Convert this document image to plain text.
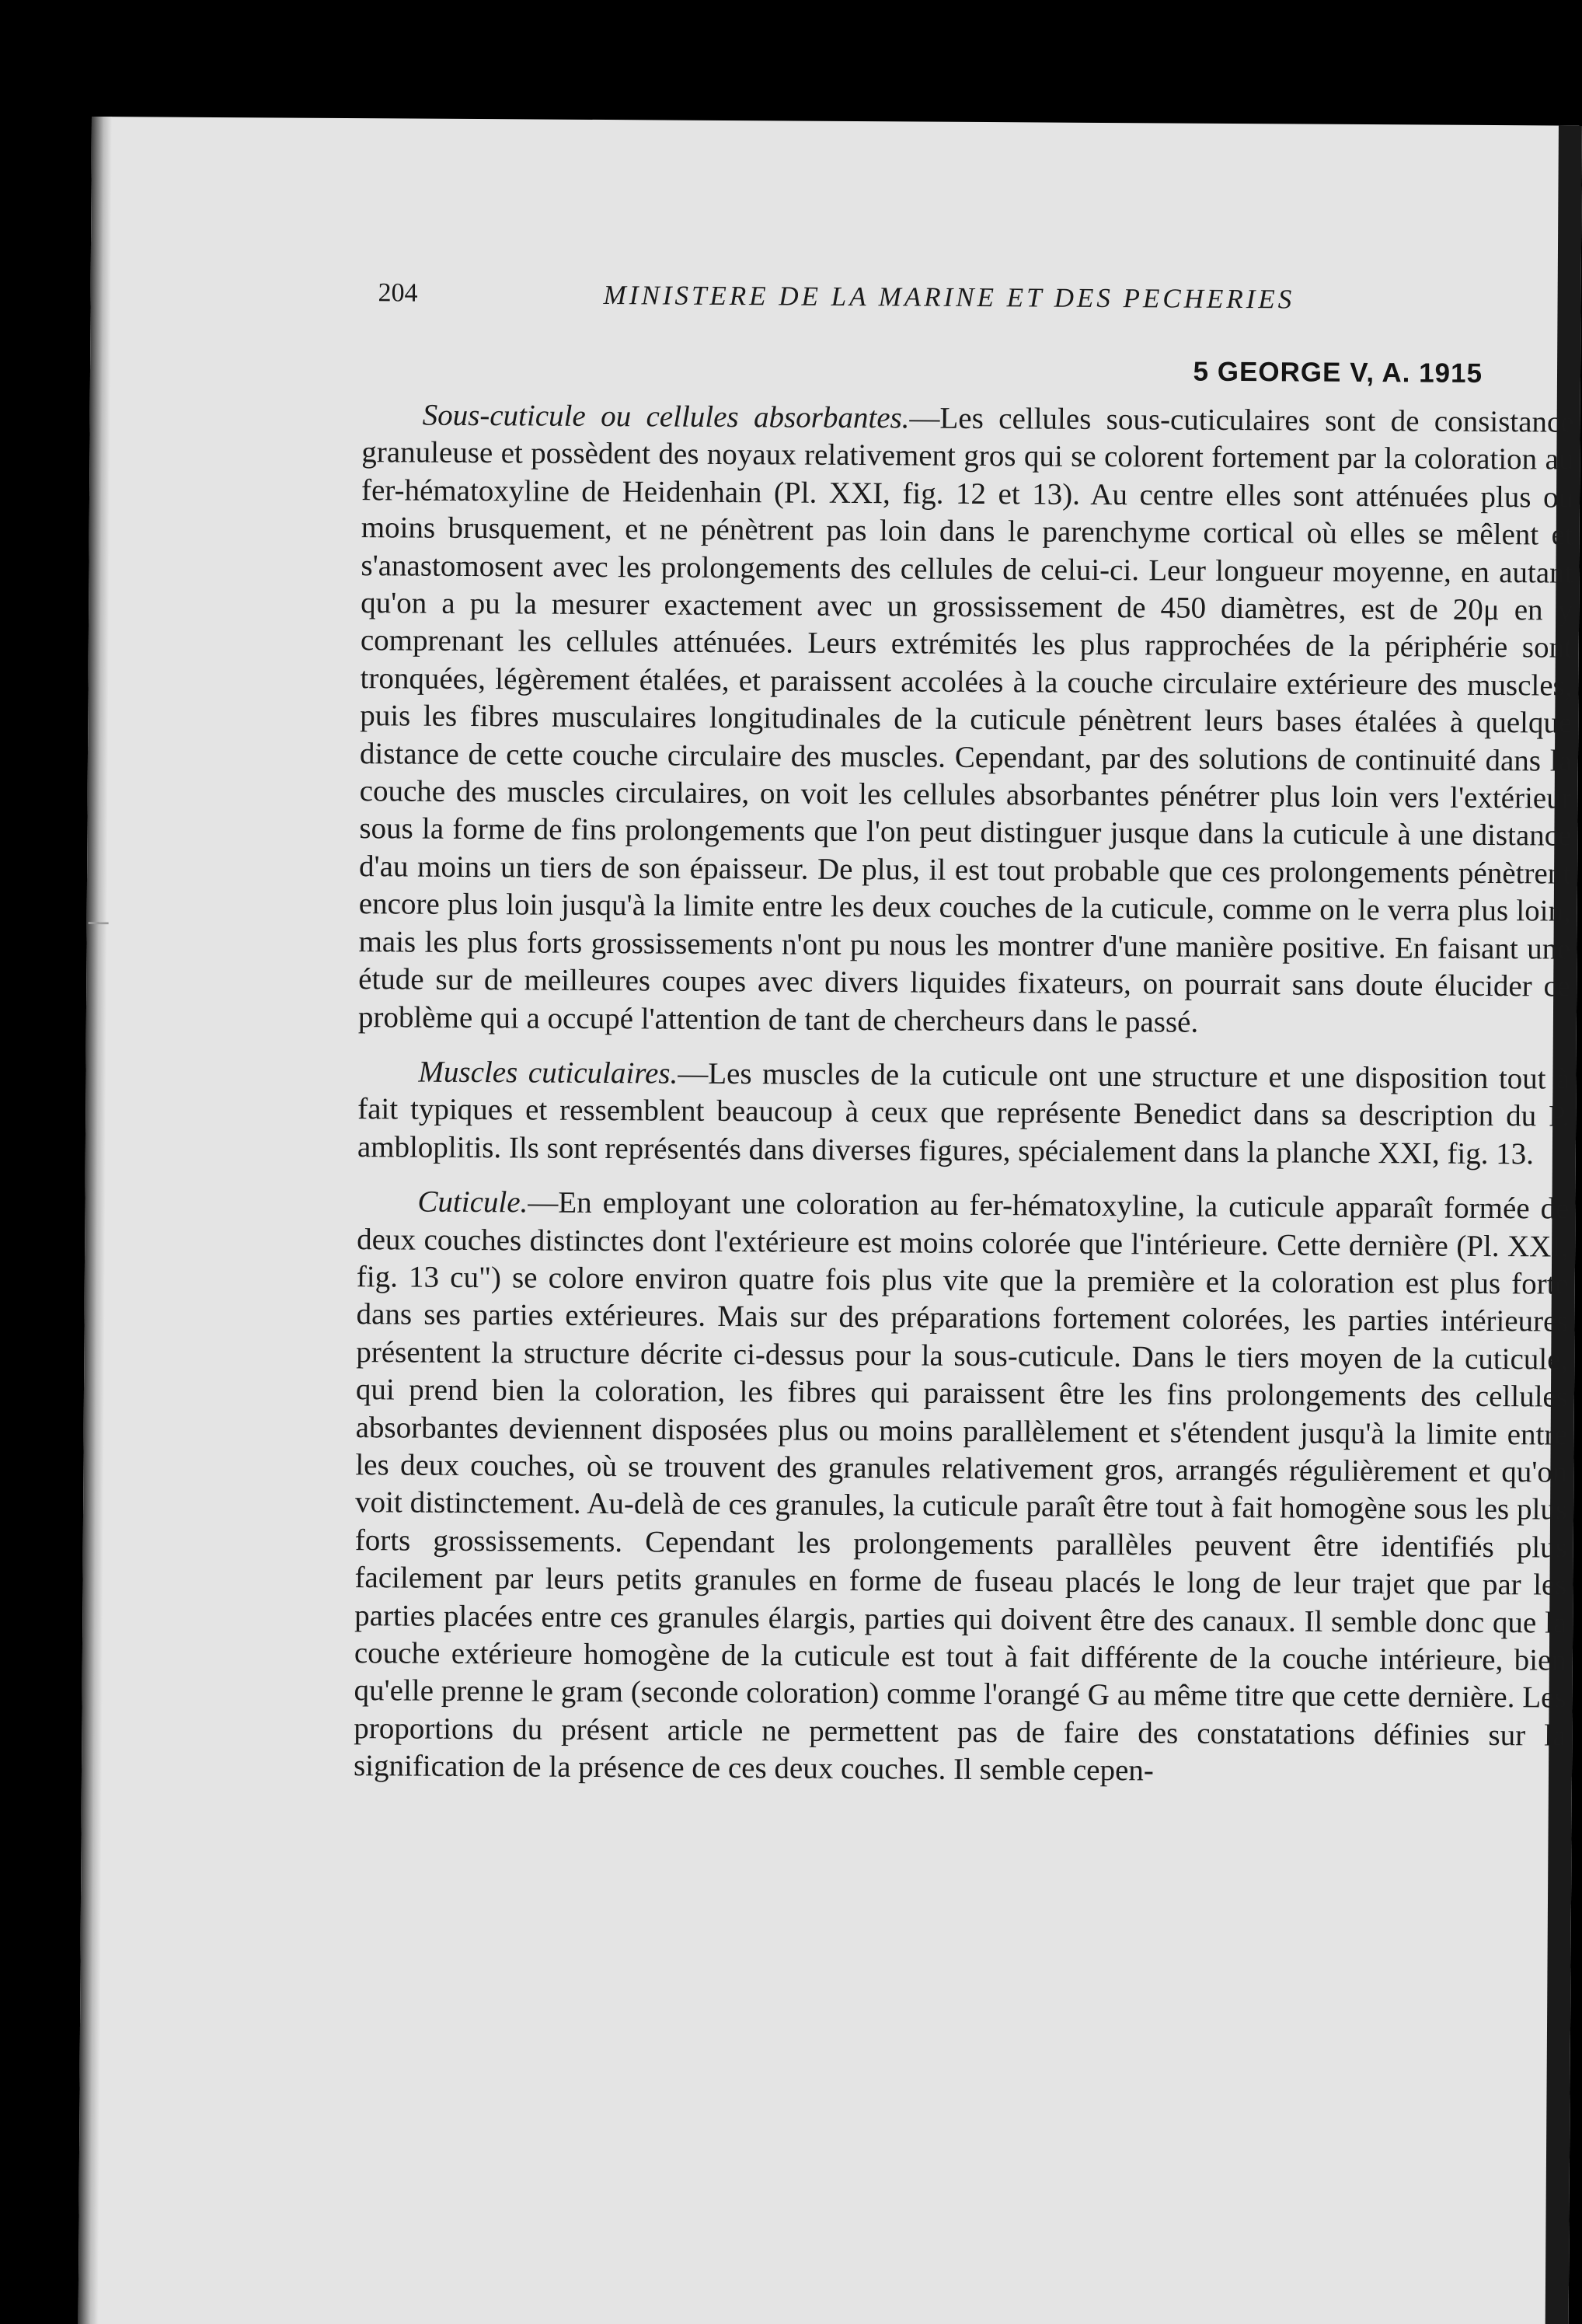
204	MINISTERE DE LA MARINE ET DES PECHERIES
5 GEORGE V, A. 1915

Sous-cuticule ou cellules absorbantes.—Les cellules sous-cuticulaires sont de consistance granuleuse et possèdent des noyaux relativement gros qui se colorent fortement par la coloration au fer-hématoxyline de Heidenhain (Pl. XXI, fig. 12 et 13). Au centre elles sont atténuées plus ou moins brusquement, et ne pénètrent pas loin dans le parenchyme cortical où elles se mêlent et s'anastomosent avec les prolongements des cellules de celui-ci. Leur longueur moyenne, en autant qu'on a pu la mesurer exactement avec un grossissement de 450 diamètres, est de 20μ en y comprenant les cellules atténuées. Leurs extrémités les plus rapprochées de la périphérie sont tronquées, légèrement étalées, et paraissent accolées à la couche circulaire extérieure des muscles, puis les fibres musculaires longitudinales de la cuticule pénètrent leurs bases étalées à quelque distance de cette couche circulaire des muscles. Cependant, par des solutions de continuité dans la couche des muscles circulaires, on voit les cellules absorbantes pénétrer plus loin vers l'extérieur sous la forme de fins prolongements que l'on peut distinguer jusque dans la cuticule à une distance d'au moins un tiers de son épaisseur. De plus, il est tout probable que ces prolongements pénètrent encore plus loin jusqu'à la limite entre les deux couches de la cuticule, comme on le verra plus loin, mais les plus forts grossissements n'ont pu nous les montrer d'une manière positive. En faisant une étude sur de meilleures coupes avec divers liquides fixateurs, on pourrait sans doute élucider ce problème qui a occupé l'attention de tant de chercheurs dans le passé.

Muscles cuticulaires.—Les muscles de la cuticule ont une structure et une disposition tout à fait typiques et ressemblent beaucoup à ceux que représente Benedict dans sa description du P. ambloplitis. Ils sont représentés dans diverses figures, spécialement dans la planche XXI, fig. 13.

Cuticule.—En employant une coloration au fer-hématoxyline, la cuticule apparaît formée de deux couches distinctes dont l'extérieure est moins colorée que l'intérieure. Cette dernière (Pl. XXI, fig. 13 cu") se colore environ quatre fois plus vite que la première et la coloration est plus forte dans ses parties extérieures. Mais sur des préparations fortement colorées, les parties intérieures présentent la structure décrite ci-dessus pour la sous-cuticule. Dans le tiers moyen de la cuticule, qui prend bien la coloration, les fibres qui paraissent être les fins prolongements des cellules absorbantes deviennent disposées plus ou moins parallèlement et s'étendent jusqu'à la limite entre les deux couches, où se trouvent des granules relativement gros, arrangés régulièrement et qu'on voit distinctement. Au-delà de ces granules, la cuticule paraît être tout à fait homogène sous les plus forts grossissements. Cependant les prolongements parallèles peuvent être identifiés plus facilement par leurs petits granules en forme de fuseau placés le long de leur trajet que par les parties placées entre ces granules élargis, parties qui doivent être des canaux. Il semble donc que la couche extérieure homogène de la cuticule est tout à fait différente de la couche intérieure, bien qu'elle prenne le gram (seconde coloration) comme l'orangé G au même titre que cette dernière. Les proportions du présent article ne permettent pas de faire des constatations définies sur la signification de la présence de ces deux couches. Il semble cepen-
